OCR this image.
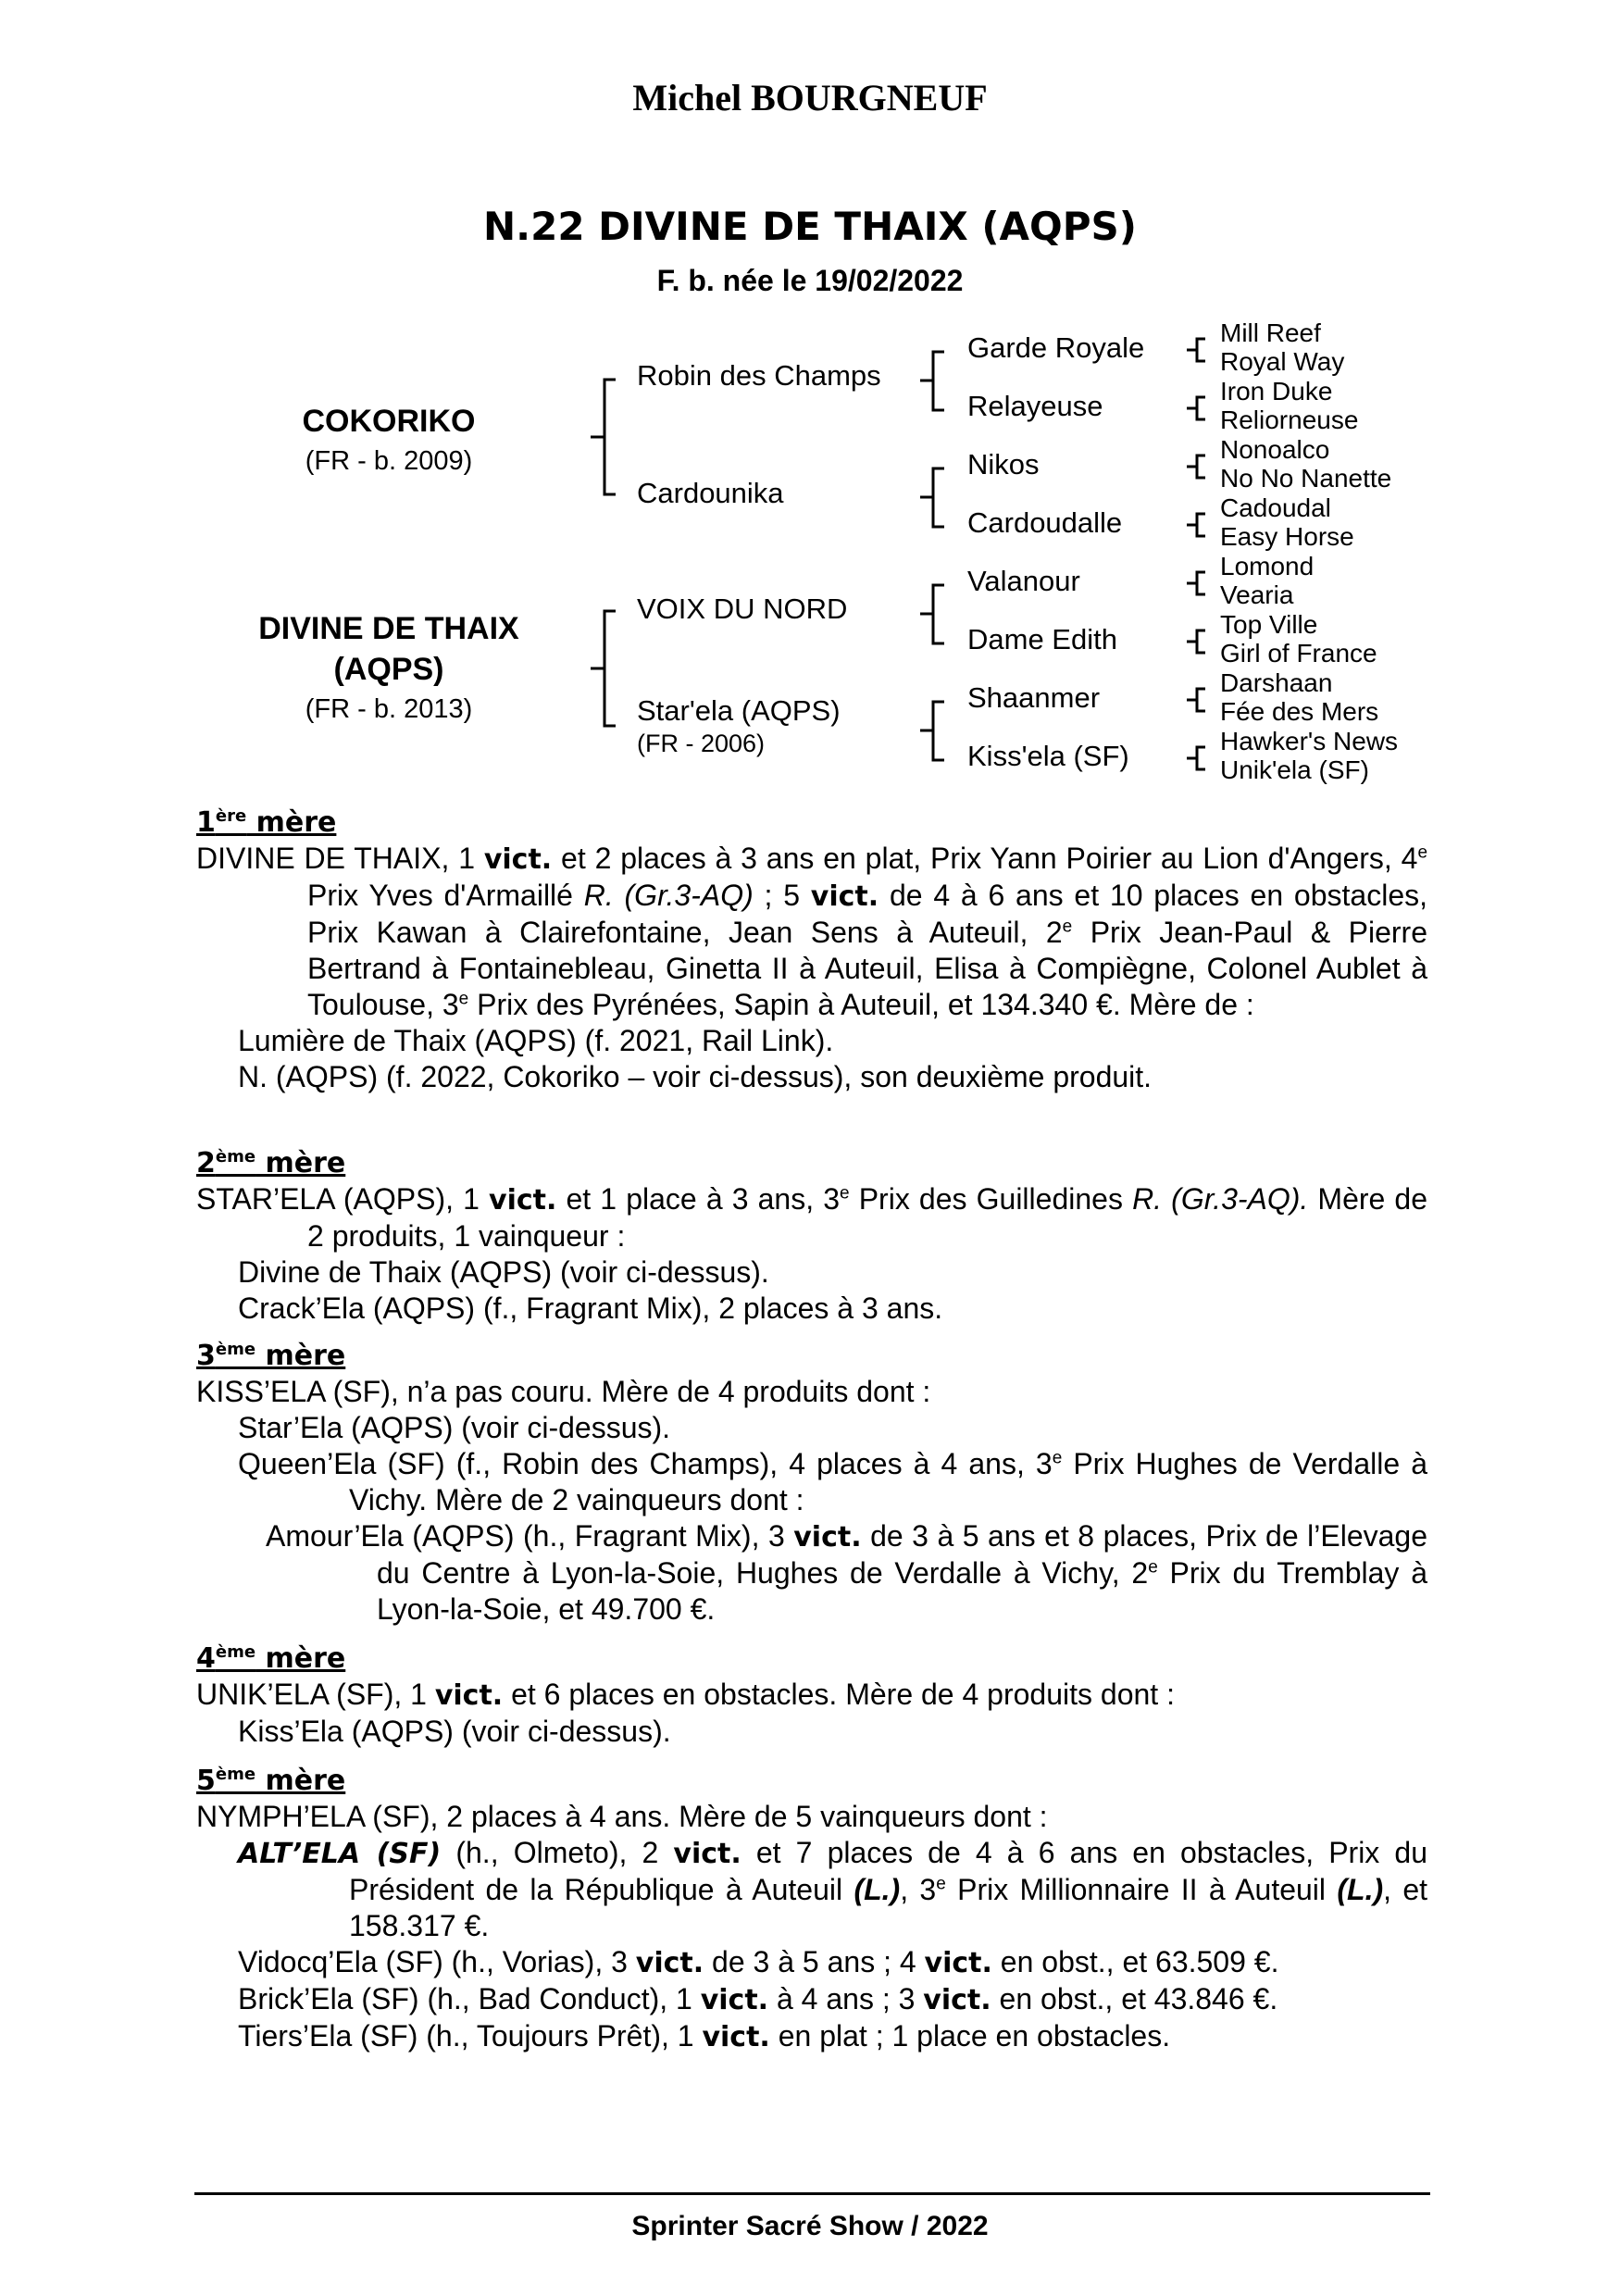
Michel BOURGNEUF
N.22 DIVINE DE THAIX (AQPS)
F. b. née le 19/02/2022
COKORIKO
(FR - b. 2009)
DIVINE DE THAIX
(AQPS)
(FR - b. 2013)
Robin des Champs
Cardounika
VOIX DU NORD
Star'ela (AQPS)
(FR - 2006)
Garde Royale
Relayeuse
Nikos
Cardoudalle
Valanour
Dame Edith
Shaanmer
Kiss'ela (SF)
Mill Reef
Royal Way
Iron Duke
Reliorneuse
Nonoalco
No No Nanette
Cadoudal
Easy Horse
Lomond
Vearia
Top Ville
Girl of France
Darshaan
Fée des Mers
Hawker's News
Unik'ela (SF)
1ère mère

DIVINE DE THAIX, 1 vict. et 2 places à 3 ans en plat, Prix Yann Poirier au Lion d'Angers, 4e Prix Yves d'Armaillé R. (Gr.3-AQ) ; 5 vict. de 4 à 6 ans et 10 places en obstacles, Prix Kawan à Clairefontaine, Jean Sens à Auteuil, 2e Prix Jean-Paul & Pierre Bertrand à Fontainebleau, Ginetta II à Auteuil, Elisa à Compiègne, Colonel Aublet à Toulouse, 3e Prix des Pyrénées, Sapin à Auteuil, et 134.340 €. Mère de :

Lumière de Thaix (AQPS) (f. 2021, Rail Link).

N. (AQPS) (f. 2022, Cokoriko – voir ci-dessus), son deuxième produit.

2ème mère

STAR’ELA (AQPS), 1 vict. et 1 place à 3 ans, 3e Prix des Guilledines R. (Gr.3-AQ). Mère de 2 produits, 1 vainqueur :

Divine de Thaix (AQPS) (voir ci-dessus).

Crack’Ela (AQPS) (f., Fragrant Mix), 2 places à 3 ans.

3ème mère

KISS’ELA (SF), n’a pas couru. Mère de 4 produits dont :

Star’Ela (AQPS) (voir ci-dessus).

Queen’Ela (SF) (f., Robin des Champs), 4 places à 4 ans, 3e Prix Hughes de Verdalle à Vichy. Mère de 2 vainqueurs dont :

Amour’Ela (AQPS) (h., Fragrant Mix), 3 vict. de 3 à 5 ans et 8 places, Prix de l’Elevage du Centre à Lyon-la-Soie, Hughes de Verdalle à Vichy, 2e Prix du Tremblay à Lyon-la-Soie, et 49.700 €.

4ème mère

UNIK’ELA (SF), 1 vict. et 6 places en obstacles. Mère de 4 produits dont :

Kiss’Ela (AQPS) (voir ci-dessus).

5ème mère

NYMPH’ELA (SF), 2 places à 4 ans. Mère de 5 vainqueurs dont :

ALT’ELA (SF) (h., Olmeto), 2 vict. et 7 places de 4 à 6 ans en obstacles, Prix du Président de la République à Auteuil (L.), 3e Prix Millionnaire II à Auteuil (L.), et 158.317 €.

Vidocq’Ela (SF) (h., Vorias), 3 vict. de 3 à 5 ans ; 4 vict. en obst., et 63.509 €.

Brick’Ela (SF) (h., Bad Conduct), 1 vict. à 4 ans ; 3 vict. en obst., et 43.846 €.

Tiers’Ela (SF) (h., Toujours Prêt), 1 vict. en plat ; 1 place en obstacles.

Sprinter Sacré Show / 2022
